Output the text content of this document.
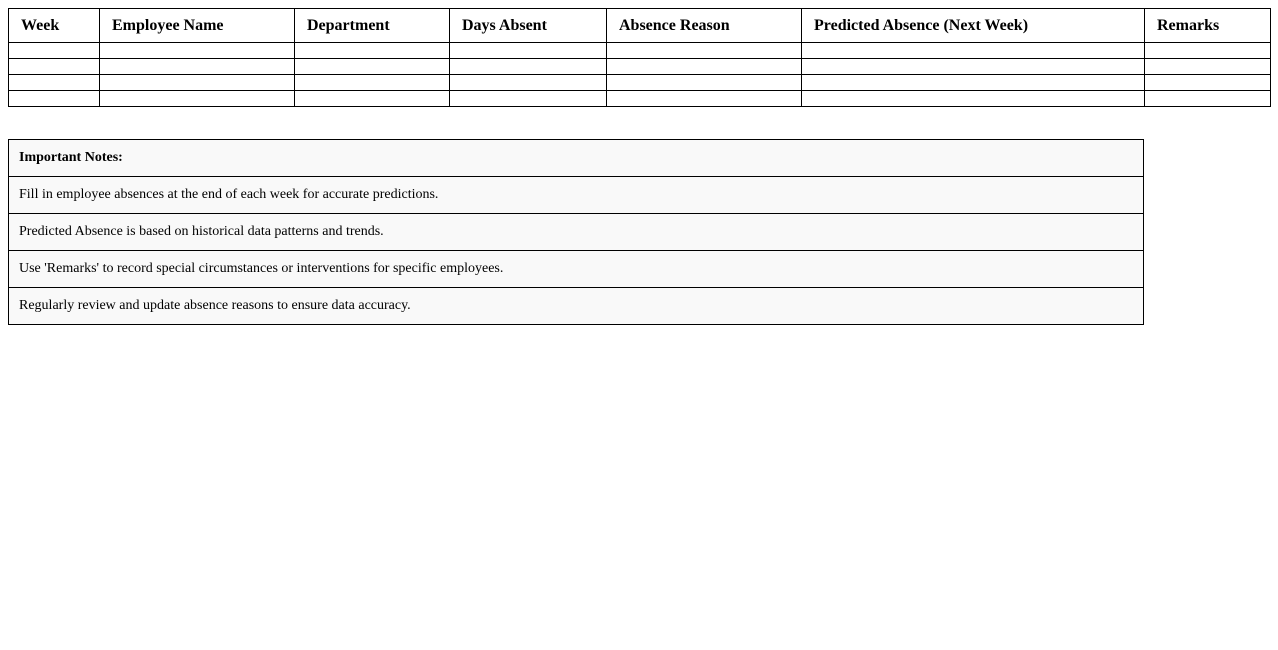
Week	Employee Name	Department	Days Absent	Absence Reason	Predicted Absence (Next Week)	Remarks

Important Notes:
Fill in employee absences at the end of each week for accurate predictions.
Predicted Absence is based on historical data patterns and trends.
Use 'Remarks' to record special circumstances or interventions for specific employees.
Regularly review and update absence reasons to ensure data accuracy.
